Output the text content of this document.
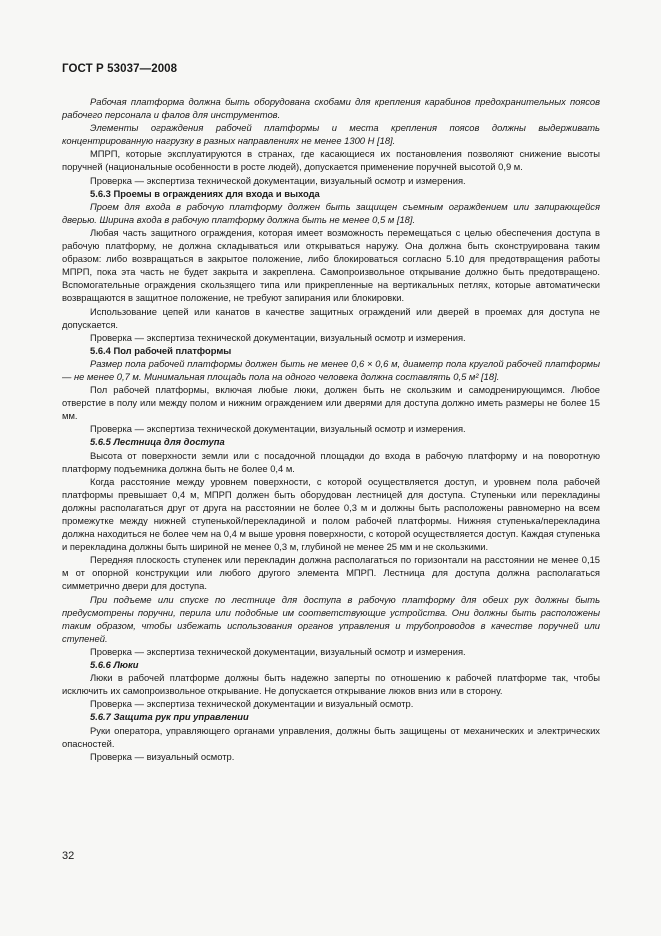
ГОСТ Р 53037—2008

Рабочая платформа должна быть оборудована скобами для крепления карабинов предохранительных поясов рабочего персонала и фалов для инструментов.

Элементы ограждения рабочей платформы и места крепления поясов должны выдерживать концентрированную нагрузку в разных направлениях не менее 1300 Н [18].

МПРП, которые эксплуатируются в странах, где касающиеся их постановления позволяют снижение высоты поручней (национальные особенности в росте людей), допускается применение поручней высотой 0,9 м.

Проверка — экспертиза технической документации, визуальный осмотр и измерения.

5.6.3 Проемы в ограждениях для входа и выхода

Проем для входа в рабочую платформу должен быть защищен съемным ограждением или запирающейся дверью. Ширина входа в рабочую платформу должна быть не менее 0,5 м [18].

Любая часть защитного ограждения, которая имеет возможность перемещаться с целью обеспечения доступа в рабочую платформу, не должна складываться или открываться наружу. Она должна быть сконструирована таким образом: либо возвращаться в закрытое положение, либо блокироваться согласно 5.10 для предотвращения работы МПРП, пока эта часть не будет закрыта и закреплена. Самопроизвольное открывание должно быть предотвращено. Вспомогательные ограждения скользящего типа или прикрепленные на вертикальных петлях, которые автоматически возвращаются в защитное положение, не требуют запирания или блокировки.

Использование цепей или канатов в качестве защитных ограждений или дверей в проемах для доступа не допускается.

Проверка — экспертиза технической документации, визуальный осмотр и измерения.

5.6.4 Пол рабочей платформы

Размер пола рабочей платформы должен быть не менее 0,6 × 0,6 м, диаметр пола круглой рабочей платформы — не менее 0,7 м. Минимальная площадь пола на одного человека должна составлять 0,5 м² [18].

Пол рабочей платформы, включая любые люки, должен быть не скользким и самодренирующимся. Любое отверстие в полу или между полом и нижним ограждением или дверями для доступа должно иметь размеры не более 15 мм.

Проверка — экспертиза технической документации, визуальный осмотр и измерения.

5.6.5 Лестница для доступа

Высота от поверхности земли или с посадочной площадки до входа в рабочую платформу и на поворотную платформу подъемника должна быть не более 0,4 м.

Когда расстояние между уровнем поверхности, с которой осуществляется доступ, и уровнем пола рабочей платформы превышает 0,4 м, МПРП должен быть оборудован лестницей для доступа. Ступеньки или перекладины должны располагаться друг от друга на расстоянии не более 0,3 м и должны быть расположены равномерно на всем промежутке между нижней ступенькой/перекладиной и полом рабочей платформы. Нижняя ступенька/перекладина должна находиться не более чем на 0,4 м выше уровня поверхности, с которой осуществляется доступ. Каждая ступенька и перекладина должны быть шириной не менее 0,3 м, глубиной не менее 25 мм и не скользкими.

Передняя плоскость ступенек или перекладин должна располагаться по горизонтали на расстоянии не менее 0,15 м от опорной конструкции или любого другого элемента МПРП. Лестница для доступа должна располагаться симметрично двери для доступа.

При подъеме или спуске по лестнице для доступа в рабочую платформу для обеих рук должны быть предусмотрены поручни, перила или подобные им соответствующие устройства. Они должны быть расположены таким образом, чтобы избежать использования органов управления и трубопроводов в качестве поручней или ступеней.

Проверка — экспертиза технической документации, визуальный осмотр и измерения.

5.6.6 Люки

Люки в рабочей платформе должны быть надежно заперты по отношению к рабочей платформе так, чтобы исключить их самопроизвольное открывание. Не допускается открывание люков вниз или в сторону.

Проверка — экспертиза технической документации и визуальный осмотр.

5.6.7 Защита рук при управлении

Руки оператора, управляющего органами управления, должны быть защищены от механических и электрических опасностей.

Проверка — визуальный осмотр.

32
